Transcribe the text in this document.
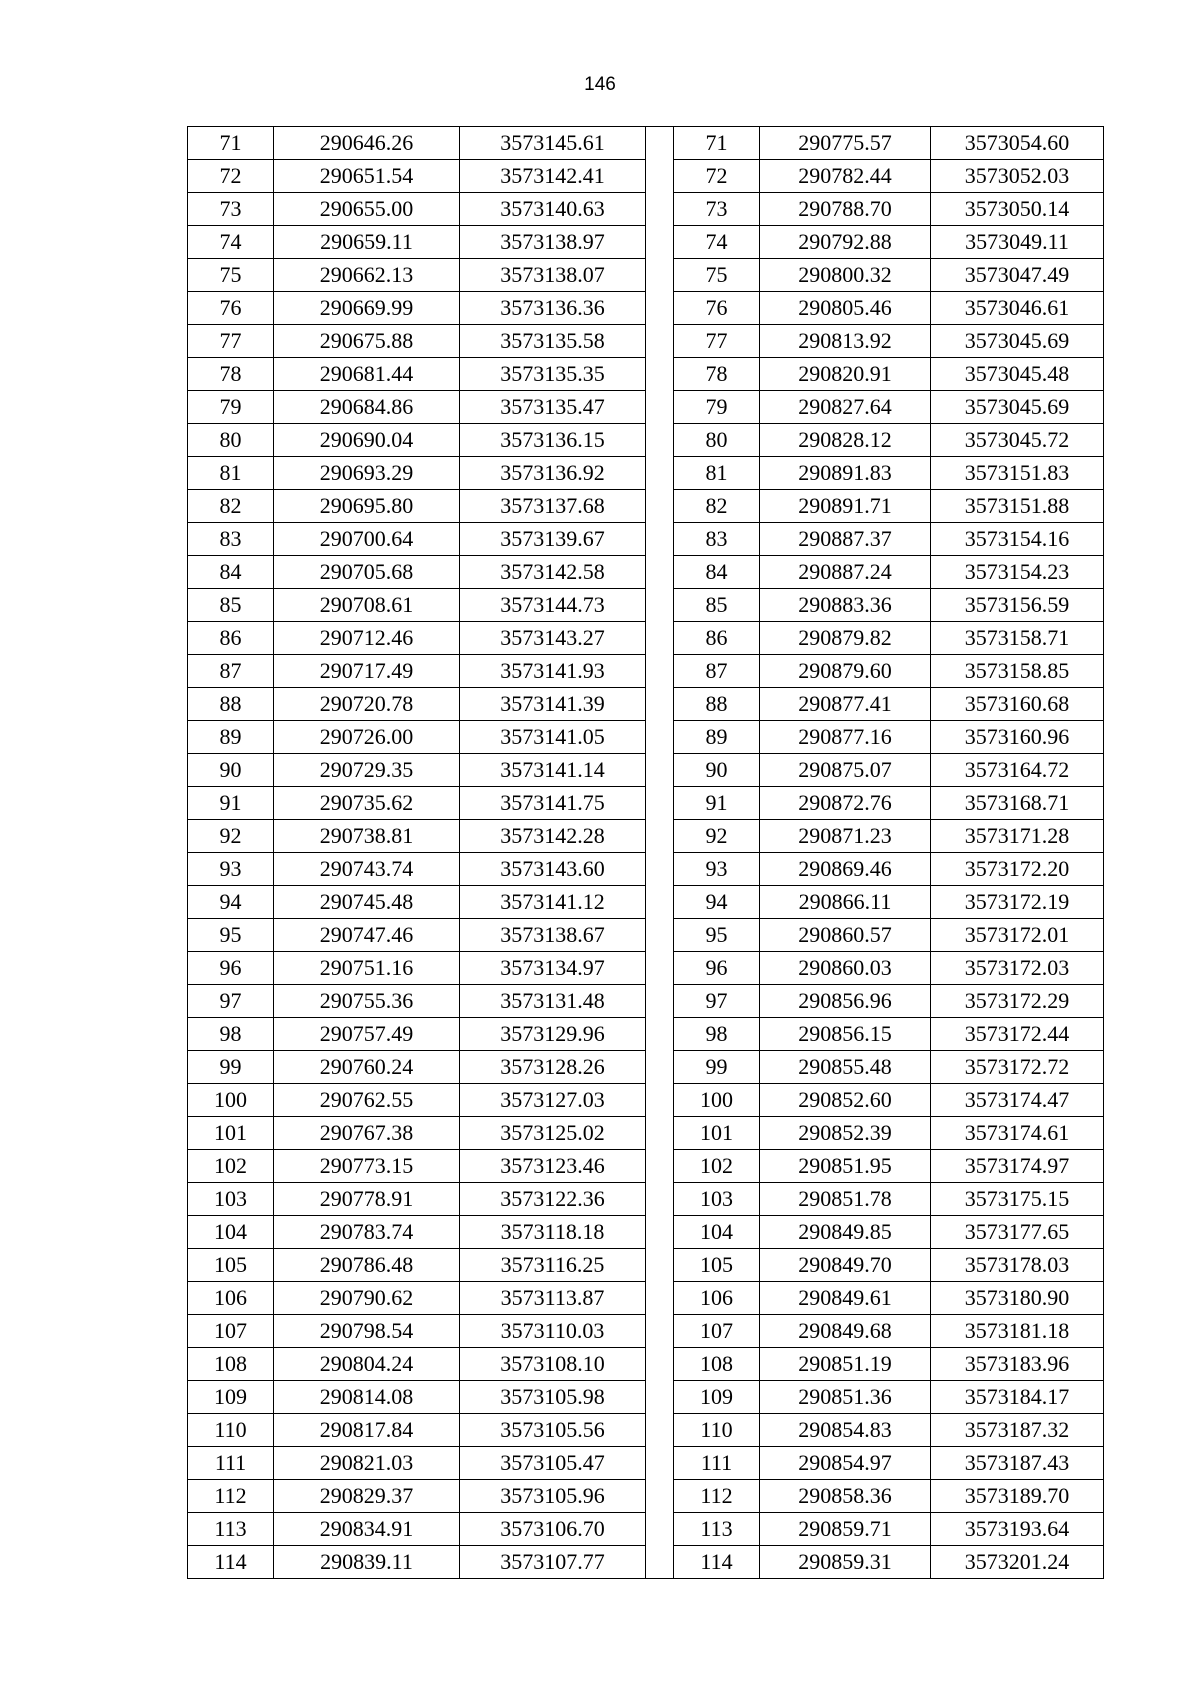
146
71	290646.26	3573145.61		71	290775.57	3573054.60
72	290651.54	3573142.41		72	290782.44	3573052.03
73	290655.00	3573140.63		73	290788.70	3573050.14
74	290659.11	3573138.97		74	290792.88	3573049.11
75	290662.13	3573138.07		75	290800.32	3573047.49
76	290669.99	3573136.36		76	290805.46	3573046.61
77	290675.88	3573135.58		77	290813.92	3573045.69
78	290681.44	3573135.35		78	290820.91	3573045.48
79	290684.86	3573135.47		79	290827.64	3573045.69
80	290690.04	3573136.15		80	290828.12	3573045.72
81	290693.29	3573136.92		81	290891.83	3573151.83
82	290695.80	3573137.68		82	290891.71	3573151.88
83	290700.64	3573139.67		83	290887.37	3573154.16
84	290705.68	3573142.58		84	290887.24	3573154.23
85	290708.61	3573144.73		85	290883.36	3573156.59
86	290712.46	3573143.27		86	290879.82	3573158.71
87	290717.49	3573141.93		87	290879.60	3573158.85
88	290720.78	3573141.39		88	290877.41	3573160.68
89	290726.00	3573141.05		89	290877.16	3573160.96
90	290729.35	3573141.14		90	290875.07	3573164.72
91	290735.62	3573141.75		91	290872.76	3573168.71
92	290738.81	3573142.28		92	290871.23	3573171.28
93	290743.74	3573143.60		93	290869.46	3573172.20
94	290745.48	3573141.12		94	290866.11	3573172.19
95	290747.46	3573138.67		95	290860.57	3573172.01
96	290751.16	3573134.97		96	290860.03	3573172.03
97	290755.36	3573131.48		97	290856.96	3573172.29
98	290757.49	3573129.96		98	290856.15	3573172.44
99	290760.24	3573128.26		99	290855.48	3573172.72
100	290762.55	3573127.03		100	290852.60	3573174.47
101	290767.38	3573125.02		101	290852.39	3573174.61
102	290773.15	3573123.46		102	290851.95	3573174.97
103	290778.91	3573122.36		103	290851.78	3573175.15
104	290783.74	3573118.18		104	290849.85	3573177.65
105	290786.48	3573116.25		105	290849.70	3573178.03
106	290790.62	3573113.87		106	290849.61	3573180.90
107	290798.54	3573110.03		107	290849.68	3573181.18
108	290804.24	3573108.10		108	290851.19	3573183.96
109	290814.08	3573105.98		109	290851.36	3573184.17
110	290817.84	3573105.56		110	290854.83	3573187.32
111	290821.03	3573105.47		111	290854.97	3573187.43
112	290829.37	3573105.96		112	290858.36	3573189.70
113	290834.91	3573106.70		113	290859.71	3573193.64
114	290839.11	3573107.77		114	290859.31	3573201.24
